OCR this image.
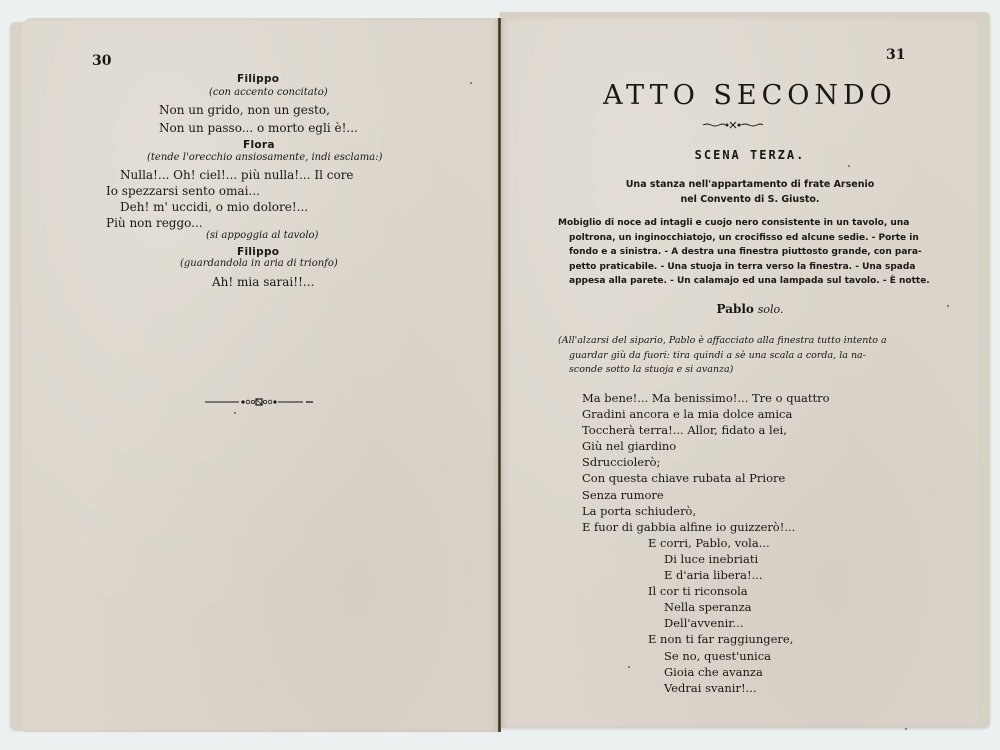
30
Filippo
(con accento concitato)
Non un grido, non un gesto,
Non un passo... o morto egli è!...
Flora
(tende l'orecchio ansiosamente, indi esclama:)
Nulla!... Oh! ciel!... più nulla!... Il core
Io spezzarsi sento omai...
Deh! m' uccidi, o mio dolore!...
Più non reggo...
(si appoggia al tavolo)
Filippo
(guardandola in aria di trionfo)
Ah! mia sarai!!...
31
ATTO SECONDO
SCENA TERZA.
Una stanza nell'appartamento di frate Arsenio
nel Convento di S. Giusto.
Mobiglio di noce ad intagli e cuojo nero consistente in un tavolo, una
poltrona, un inginocchiatojo, un crocifisso ed alcune sedie. - Porte in
fondo e a sinistra. - A destra una finestra piuttosto grande, con para-
petto praticabile. - Una stuoja in terra verso la finestra. - Una spada
appesa alla parete. - Un calamajo ed una lampada sul tavolo. - È notte.
Pablo solo.
(All'alzarsi del sipario, Pablo è affacciato alla finestra tutto intento a
guardar giù da fuori: tira quindi a sè una scala a corda, la na-
sconde sotto la stuoja e si avanza)
Ma bene!... Ma benissimo!... Tre o quattro
Gradini ancora e la mia dolce amica
Toccherà terra!... Allor, fidato a lei,
Giù nel giardino
Sdrucciolerò;
Con questa chiave rubata al Priore
Senza rumore
La porta schiuderò,
E fuor di gabbia alfine io guizzerò!...
E corri, Pablo, vola...
Di luce inebriati
E d'aria libera!...
Il cor ti riconsola
Nella speranza
Dell'avvenir...
E non ti far raggiungere,
Se no, quest'unica
Gioia che avanza
Vedrai svanir!...
